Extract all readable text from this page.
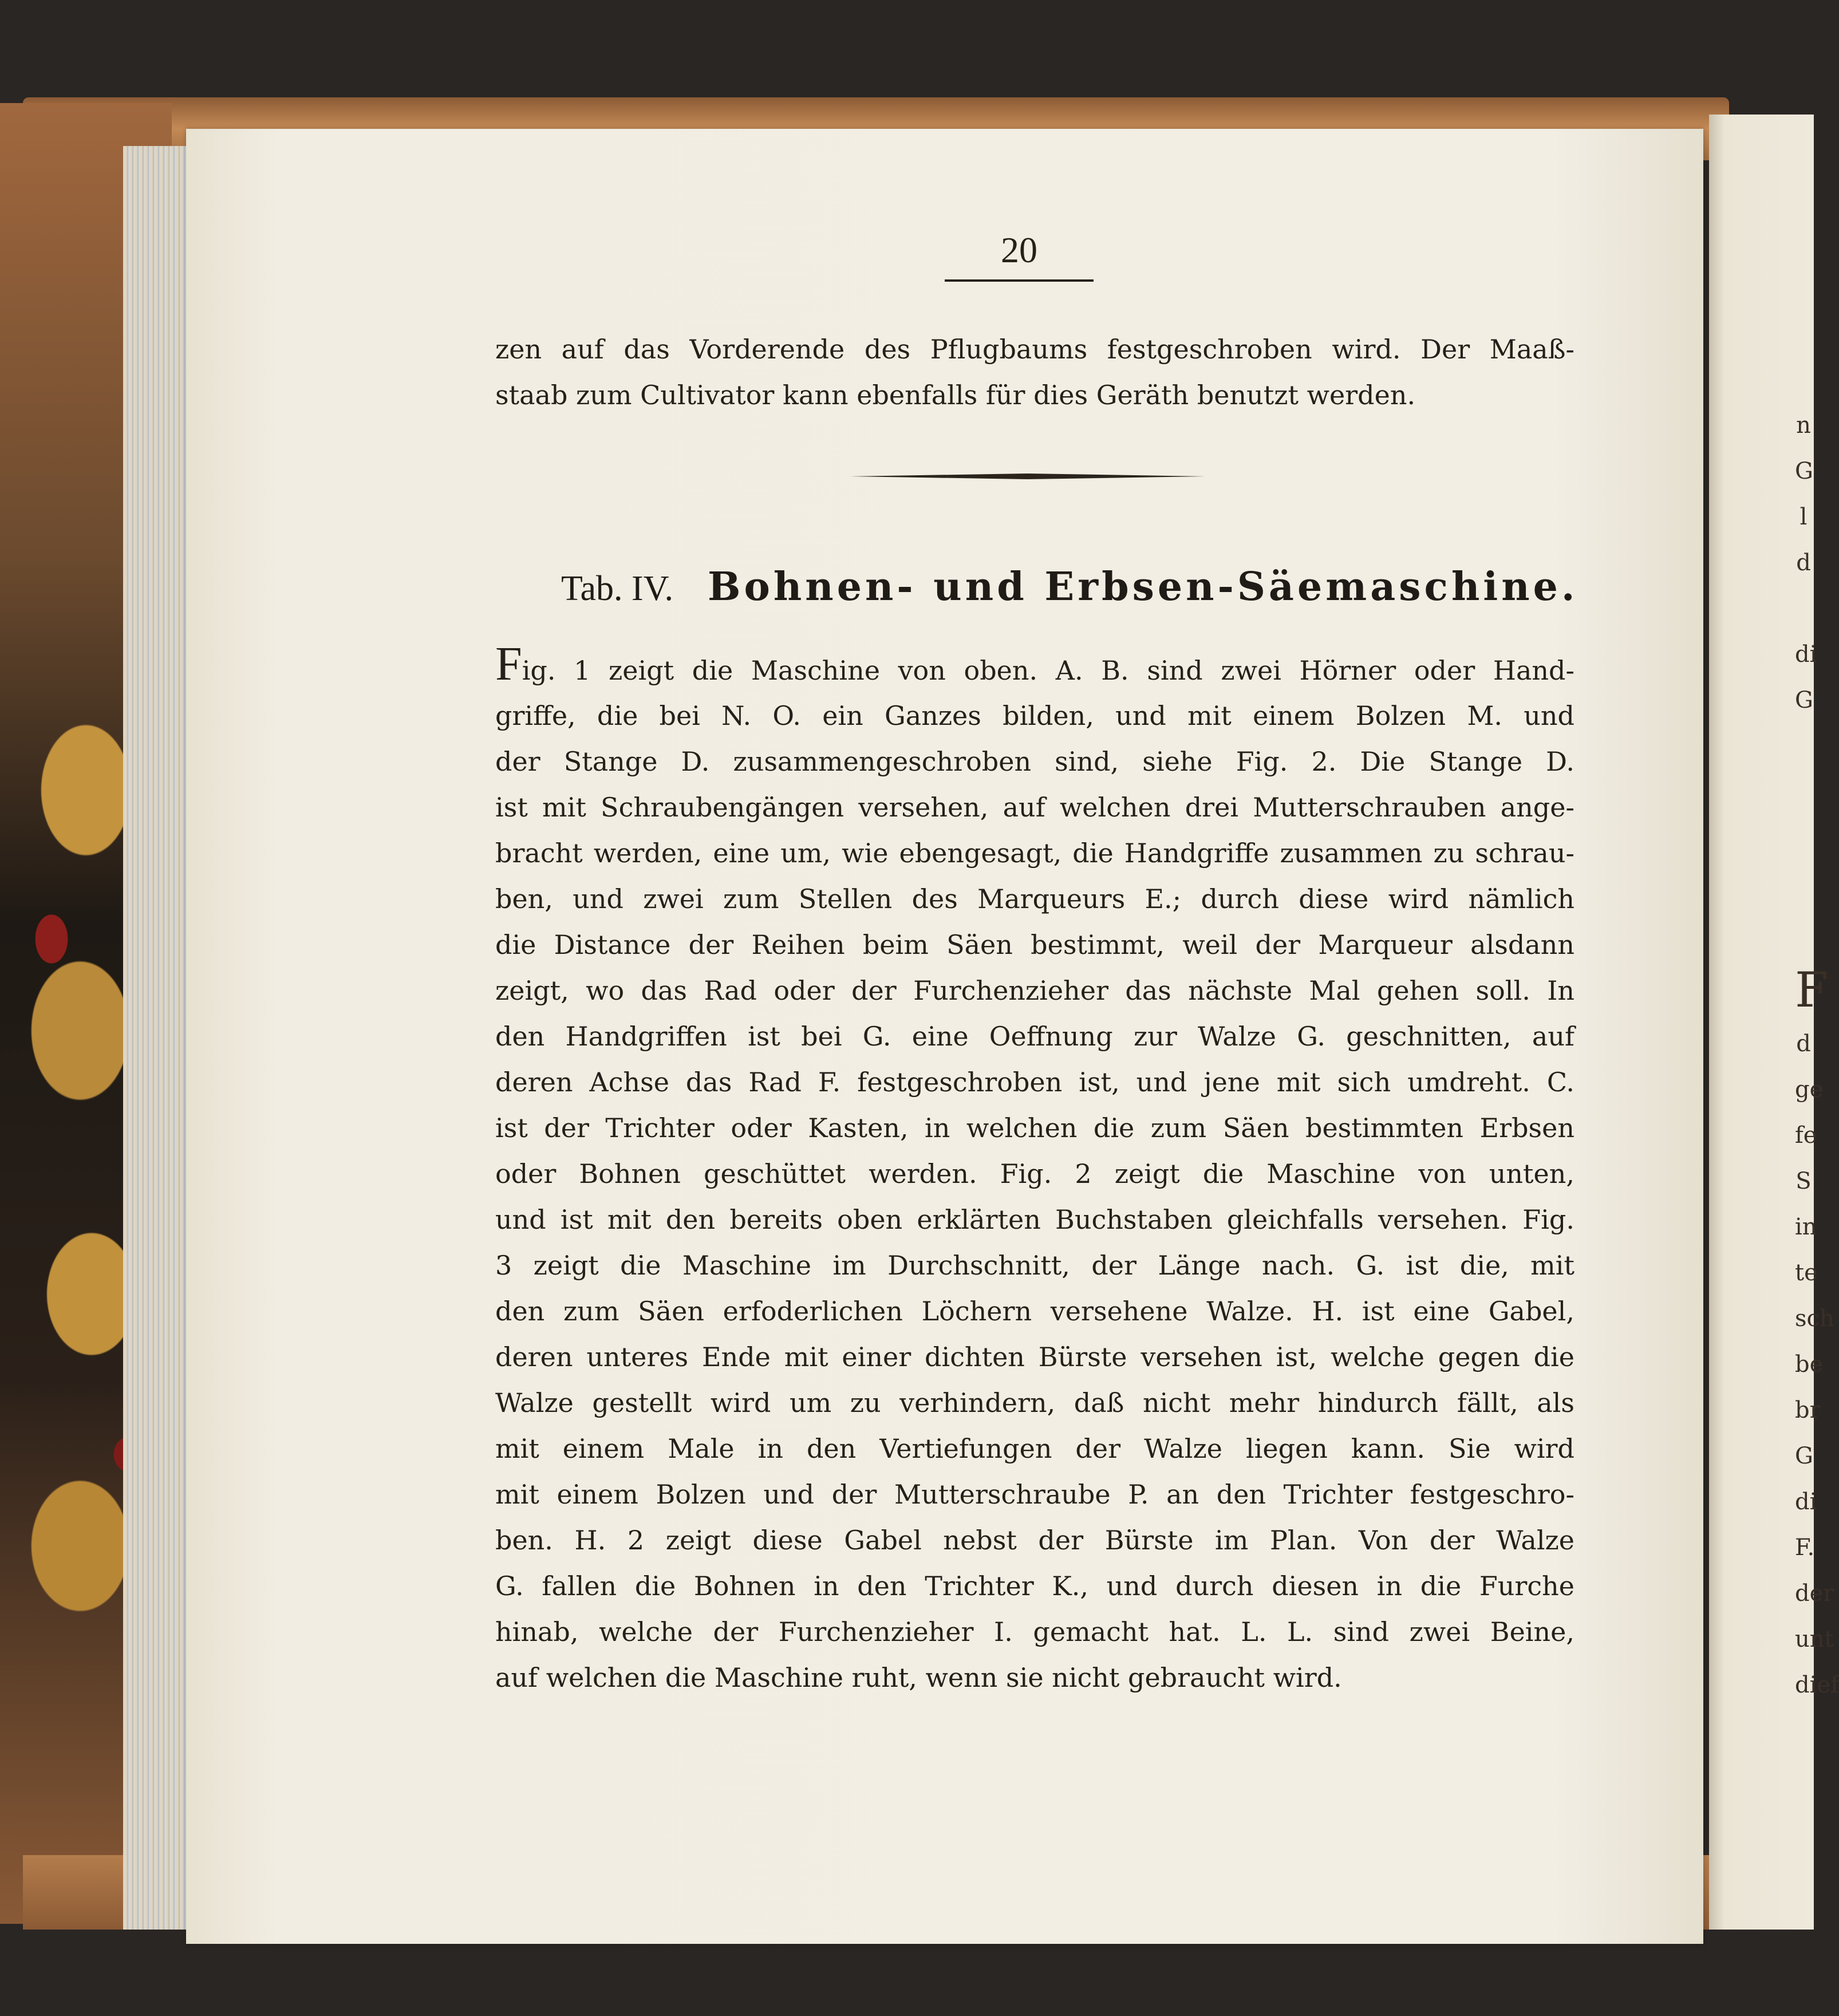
n
G
l
d
di
G
F
d
ge
fe
S
in
te
sch
be
br
G
di
F.
der
unt
dief
20
zen auf das Vorderende des Pflugbaums festgeschroben wird. Der Maaß-
staab zum Cultivator kann ebenfalls für dies Geräth benutzt werden.
Tab. IV. Bohnen- und Erbsen-Säemaschine.
Fig. 1 zeigt die Maschine von oben. A. B. sind zwei Hörner oder Hand-
griffe, die bei N. O. ein Ganzes bilden, und mit einem Bolzen M. und
der Stange D. zusammengeschroben sind, siehe Fig. 2. Die Stange D.
ist mit Schraubengängen versehen, auf welchen drei Mutterschrauben ange-
bracht werden, eine um, wie ebengesagt, die Handgriffe zusammen zu schrau-
ben, und zwei zum Stellen des Marqueurs E.; durch diese wird nämlich
die Distance der Reihen beim Säen bestimmt, weil der Marqueur alsdann
zeigt, wo das Rad oder der Furchenzieher das nächste Mal gehen soll. In
den Handgriffen ist bei G. eine Oeffnung zur Walze G. geschnitten, auf
deren Achse das Rad F. festgeschroben ist, und jene mit sich umdreht. C.
ist der Trichter oder Kasten, in welchen die zum Säen bestimmten Erbsen
oder Bohnen geschüttet werden. Fig. 2 zeigt die Maschine von unten,
und ist mit den bereits oben erklärten Buchstaben gleichfalls versehen. Fig.
3 zeigt die Maschine im Durchschnitt, der Länge nach. G. ist die, mit
den zum Säen erfoderlichen Löchern versehene Walze. H. ist eine Gabel,
deren unteres Ende mit einer dichten Bürste versehen ist, welche gegen die
Walze gestellt wird um zu verhindern, daß nicht mehr hindurch fällt, als
mit einem Male in den Vertiefungen der Walze liegen kann. Sie wird
mit einem Bolzen und der Mutterschraube P. an den Trichter festgeschro-
ben. H. 2 zeigt diese Gabel nebst der Bürste im Plan. Von der Walze
G. fallen die Bohnen in den Trichter K., und durch diesen in die Furche
hinab, welche der Furchenzieher I. gemacht hat. L. L. sind zwei Beine,
auf welchen die Maschine ruht, wenn sie nicht gebraucht wird.
